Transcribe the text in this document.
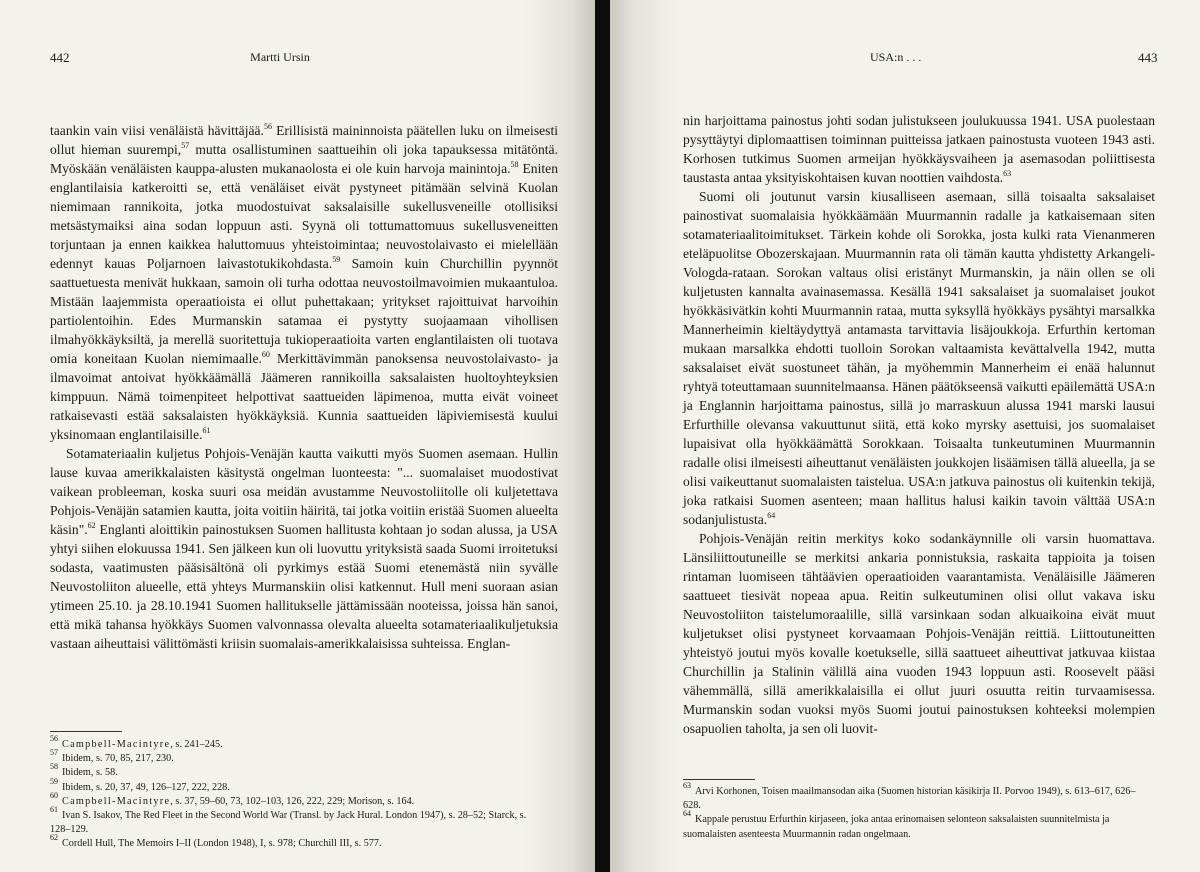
442	Martti Ursin

taankin vain viisi venäläistä hävittäjää.$^{56}$ Erillisistä maininnoista päätellen luku on ilmeisesti ollut hieman suurempi,$^{57}$ mutta osallistuminen saattueihin oli joka tapauksessa mitätöntä. Myöskään venäläisten kauppa-alusten mukanaolosta ei ole kuin harvoja mainintoja.$^{58}$ Eniten englantilaisia katkeroitti se, että venäläiset eivät pystyneet pitämään selvinä Kuolan niemimaan rannikoita, jotka muodostuivat saksalaisille sukellusveneille otollisiksi metsästymaiksi aina sodan loppuun asti. Syynä oli tottumattomuus sukellusveneitten torjuntaan ja ennen kaikkea haluttomuus yhteistoimintaa; neuvostolaivasto ei mielellään edennyt kauas Poljarnoen laivastotukikohdasta.$^{59}$ Samoin kuin Churchillin pyynnöt saattuetuesta menivät hukkaan, samoin oli turha odottaa neuvostoilmavoimien mukaantuloa. Mistään laajemmista operaatioista ei ollut puhettakaan; yritykset rajoittuivat harvoihin partiolentoihin. Edes Murmanskin satamaa ei pystytty suojaamaan vihollisen ilmahyökkäyksiltä, ja merellä suoritettuja tukioperaatioita varten englantilaisten oli tuotava omia koneitaan Kuolan niemimaalle.$^{60}$ Merkittävimmän panoksensa neuvostolaivasto- ja ilmavoimat antoivat hyökkäämällä Jäämeren rannikoilla saksalaisten huoltoyhteyksien kimppuun. Nämä toimenpiteet helpottivat saattueiden läpimenoa, mutta eivät voineet ratkaisevasti estää saksalaisten hyökkäyksiä. Kunnia saattueiden läpiviemisestä kuului yksinomaan englantilaisille.$^{61}$

Sotamateriaalin kuljetus Pohjois-Venäjän kautta vaikutti myös Suomen asemaan. Hullin lause kuvaa amerikkalaisten käsitystä ongelman luonteesta: "... suomalaiset muodostivat vaikean probleeman, koska suuri osa meidän avustamme Neuvostoliitolle oli kuljetettava Pohjois-Venäjän satamien kautta, joita voitiin häiritä, tai jotka voitiin eristää Suomen alueelta käsin".$^{62}$ Englanti aloittikin painostuksen Suomen hallitusta kohtaan jo sodan alussa, ja USA yhtyi siihen elokuussa 1941. Sen jälkeen kun oli luovuttu yrityksistä saada Suomi irroitetuksi sodasta, vaatimusten pääsisältönä oli pyrkimys estää Suomi etenemästä niin syvälle Neuvostoliiton alueelle, että yhteys Murmanskiin olisi katkennut. Hull meni suoraan asian ytimeen 25.10. ja 28.10.1941 Suomen hallitukselle jättämissään nooteissa, joissa hän sanoi, että mikä tahansa hyökkäys Suomen valvonnassa olevalta alueelta sotamateriaalikuljetuksia vastaan aiheuttaisi välittömästi kriisin suomalais-amerikkalaisissa suhteissa. Englan-

$^{56}$Campbell-Macintyre, s. 241–245.
$^{57}$Ibidem, s. 70, 85, 217, 230.
$^{58}$Ibidem, s. 58.
$^{59}$Ibidem, s. 20, 37, 49, 126–127, 222, 228.
$^{60}$Campbell-Macintyre, s. 37, 59–60, 73, 102–103, 126, 222, 229; Morison, s. 164.
$^{61}$Ivan S. Isakov, The Red Fleet in the Second World War (Transl. by Jack Hural. London 1947), s. 28–52; Starck, s. 128–129.
$^{62}$Cordell Hull, The Memoirs I–II (London 1948), I, s. 978; Churchill III, s. 577.
USA:n . . .	443

nin harjoittama painostus johti sodan julistukseen joulukuussa 1941. USA puolestaan pysyttäytyi diplomaattisen toiminnan puitteissa jatkaen painostusta vuoteen 1943 asti. Korhosen tutkimus Suomen armeijan hyökkäysvaiheen ja asemasodan poliittisesta taustasta antaa yksityiskohtaisen kuvan noottien vaihdosta.$^{63}$

Suomi oli joutunut varsin kiusalliseen asemaan, sillä toisaalta saksalaiset painostivat suomalaisia hyökkäämään Muurmannin radalle ja katkaisemaan siten sotamateriaalitoimitukset. Tärkein kohde oli Sorokka, josta kulki rata Vienanmeren eteläpuolitse Obozerskajaan. Muurmannin rata oli tämän kautta yhdistetty Arkangeli-Vologda-rataan. Sorokan valtaus olisi eristänyt Murmanskin, ja näin ollen se oli kuljetusten kannalta avainasemassa. Kesällä 1941 saksalaiset ja suomalaiset joukot hyökkäsivätkin kohti Muurmannin rataa, mutta syksyllä hyökkäys pysähtyi marsalkka Mannerheimin kieltäydyttyä antamasta tarvittavia lisäjoukkoja. Erfurthin kertoman mukaan marsalkka ehdotti tuolloin Sorokan valtaamista kevättalvella 1942, mutta saksalaiset eivät suostuneet tähän, ja myöhemmin Mannerheim ei enää halunnut ryhtyä toteuttamaan suunnitelmaansa. Hänen päätökseensä vaikutti epäilemättä USA:n ja Englannin harjoittama painostus, sillä jo marraskuun alussa 1941 marski lausui Erfurthille olevansa vakuuttunut siitä, että koko myrsky asettuisi, jos suomalaiset lupaisivat olla hyökkäämättä Sorokkaan. Toisaalta tunkeutuminen Muurmannin radalle olisi ilmeisesti aiheuttanut venäläisten joukkojen lisäämisen tällä alueella, ja se olisi vaikeuttanut suomalaisten taistelua. USA:n jatkuva painostus oli kuitenkin tekijä, joka ratkaisi Suomen asenteen; maan hallitus halusi kaikin tavoin välttää USA:n sodanjulistusta.$^{64}$

Pohjois-Venäjän reitin merkitys koko sodankäynnille oli varsin huomattava. Länsiliittoutuneille se merkitsi ankaria ponnistuksia, raskaita tappioita ja toisen rintaman luomiseen tähtäävien operaatioiden vaarantamista. Venäläisille Jäämeren saattueet tiesivät nopeaa apua. Reitin sulkeutuminen olisi ollut vakava isku Neuvostoliiton taistelumoraalille, sillä varsinkaan sodan alkuaikoina eivät muut kuljetukset olisi pystyneet korvaamaan Pohjois-Venäjän reittiä. Liittoutuneitten yhteistyö joutui myös kovalle koetukselle, sillä saattueet aiheuttivat jatkuvaa kiistaa Churchillin ja Stalinin välillä aina vuoden 1943 loppuun asti. Roosevelt pääsi vähemmällä, sillä amerikkalaisilla ei ollut juuri osuutta reitin turvaamisessa. Murmanskin sodan vuoksi myös Suomi joutui painostuksen kohteeksi molempien osapuolien taholta, ja sen oli luovit-

$^{63}$Arvi Korhonen, Toisen maailmansodan aika (Suomen historian käsikirja II. Porvoo 1949), s. 613–617, 626–628.
$^{64}$Kappale perustuu Erfurthin kirjaseen, joka antaa erinomaisen selonteon saksalaisten suunnitelmista ja suomalaisten asenteesta Muurmannin radan ongelmaan.
